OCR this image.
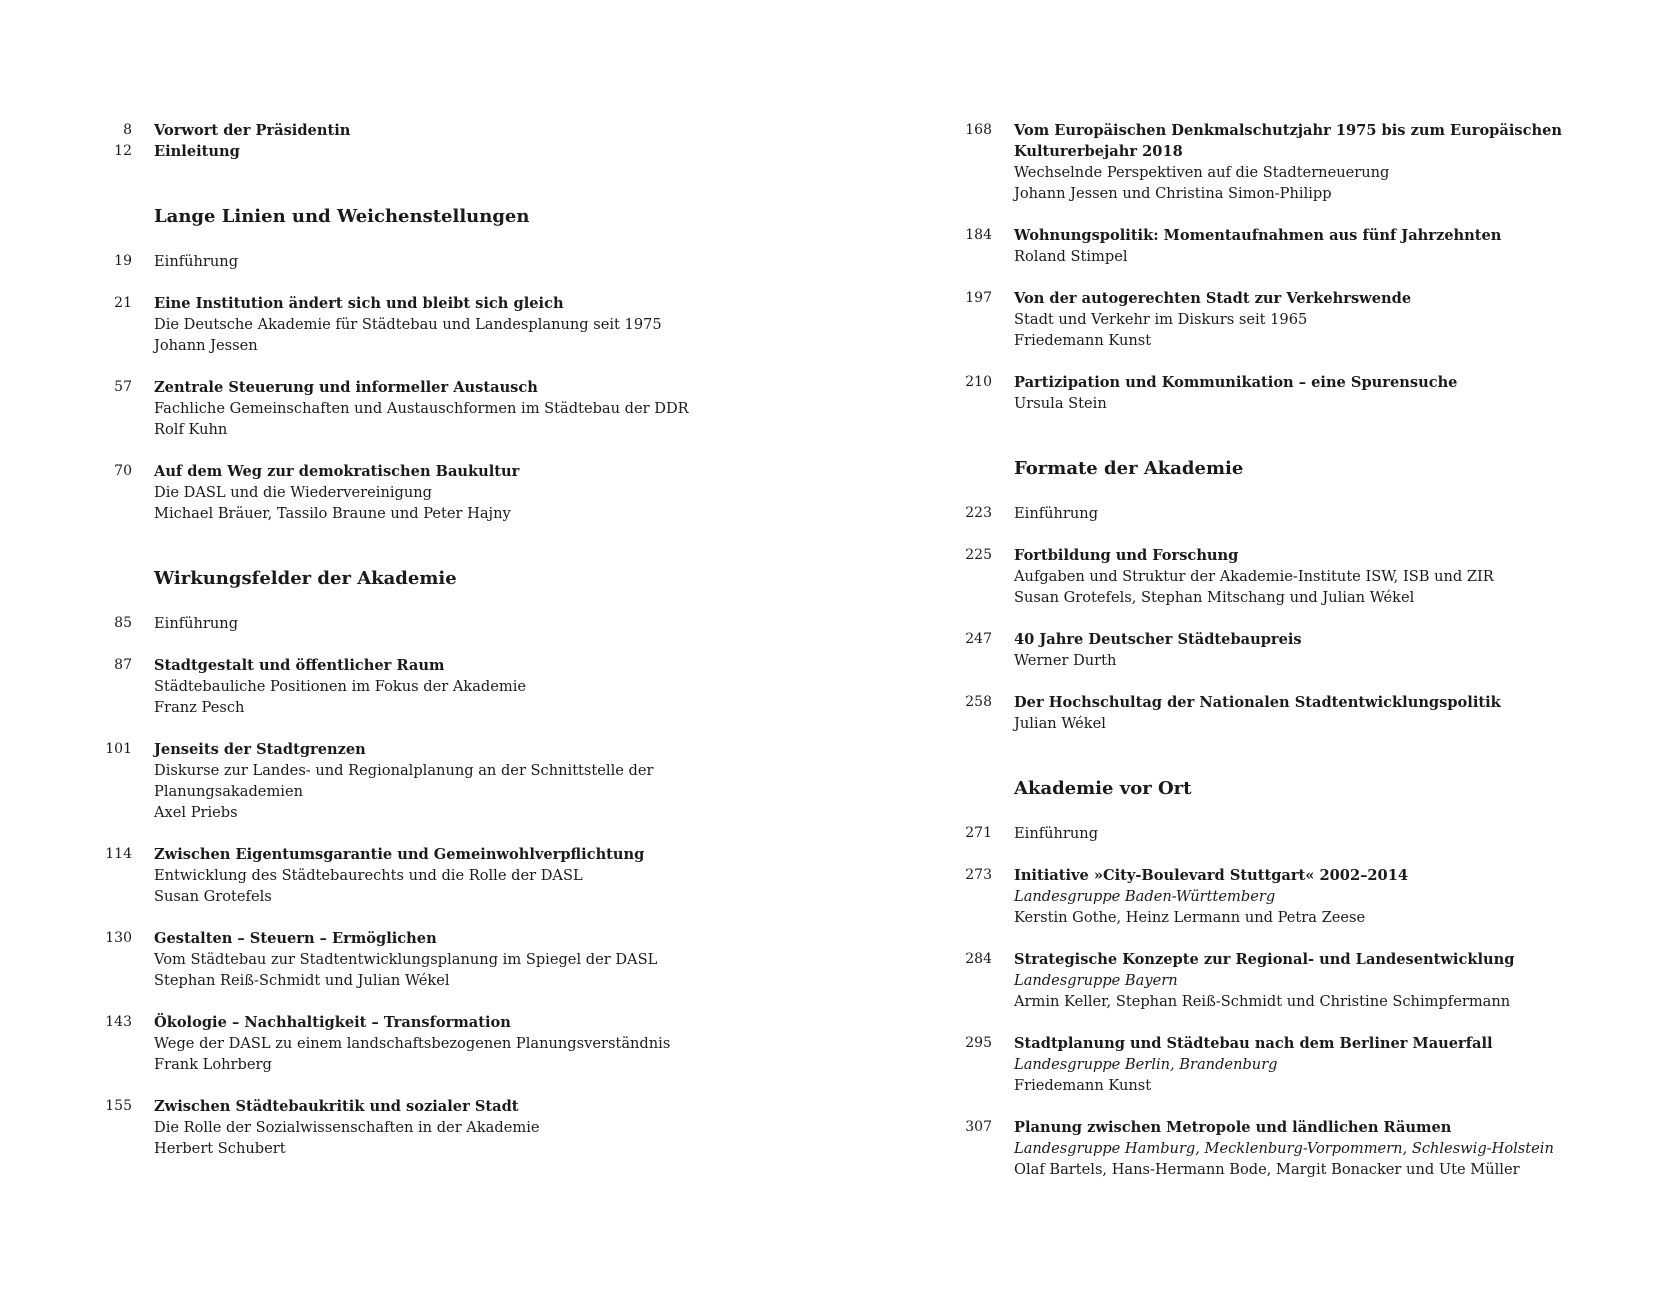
8 Vorwort der Präsidentin
12 Einleitung
Lange Linien und Weichenstellungen
19 Einführung
21 Eine Institution ändert sich und bleibt sich gleich
Die Deutsche Akademie für Städtebau und Landesplanung seit 1975
Johann Jessen
57 Zentrale Steuerung und informeller Austausch
Fachliche Gemeinschaften und Austauschformen im Städtebau der DDR
Rolf Kuhn
70 Auf dem Weg zur demokratischen Baukultur
Die DASL und die Wiedervereinigung
Michael Bräuer, Tassilo Braune und Peter Hajny
Wirkungsfelder der Akademie
85 Einführung
87 Stadtgestalt und öffentlicher Raum
Städtebauliche Positionen im Fokus der Akademie
Franz Pesch
101 Jenseits der Stadtgrenzen
Diskurse zur Landes- und Regionalplanung an der Schnittstelle der
Planungsakademien
Axel Priebs
114 Zwischen Eigentumsgarantie und Gemeinwohlverpflichtung
Entwicklung des Städtebaurechts und die Rolle der DASL
Susan Grotefels
130 Gestalten – Steuern – Ermöglichen
Vom Städtebau zur Stadtentwicklungsplanung im Spiegel der DASL
Stephan Reiß-Schmidt und Julian Wékel
143 Ökologie – Nachhaltigkeit – Transformation
Wege der DASL zu einem landschaftsbezogenen Planungsverständnis
Frank Lohrberg
155 Zwischen Städtebaukritik und sozialer Stadt
Die Rolle der Sozialwissenschaften in der Akademie
Herbert Schubert
168 Vom Europäischen Denkmalschutzjahr 1975 bis zum Europäischen
Kulturerbejahr 2018
Wechselnde Perspektiven auf die Stadterneuerung
Johann Jessen und Christina Simon-Philipp
184 Wohnungspolitik: Momentaufnahmen aus fünf Jahrzehnten
Roland Stimpel
197 Von der autogerechten Stadt zur Verkehrswende
Stadt und Verkehr im Diskurs seit 1965
Friedemann Kunst
210 Partizipation und Kommunikation – eine Spurensuche
Ursula Stein
Formate der Akademie
223 Einführung
225 Fortbildung und Forschung
Aufgaben und Struktur der Akademie-Institute ISW, ISB und ZIR
Susan Grotefels, Stephan Mitschang und Julian Wékel
247 40 Jahre Deutscher Städtebaupreis
Werner Durth
258 Der Hochschultag der Nationalen Stadtentwicklungspolitik
Julian Wékel
Akademie vor Ort
271 Einführung
273 Initiative »City-Boulevard Stuttgart« 2002–2014
Landesgruppe Baden-Württemberg
Kerstin Gothe, Heinz Lermann und Petra Zeese
284 Strategische Konzepte zur Regional- und Landesentwicklung
Landesgruppe Bayern
Armin Keller, Stephan Reiß-Schmidt und Christine Schimpfermann
295 Stadtplanung und Städtebau nach dem Berliner Mauerfall
Landesgruppe Berlin, Brandenburg
Friedemann Kunst
307 Planung zwischen Metropole und ländlichen Räumen
Landesgruppe Hamburg, Mecklenburg-Vorpommern, Schleswig-Holstein
Olaf Bartels, Hans-Hermann Bode, Margit Bonacker und Ute Müller
